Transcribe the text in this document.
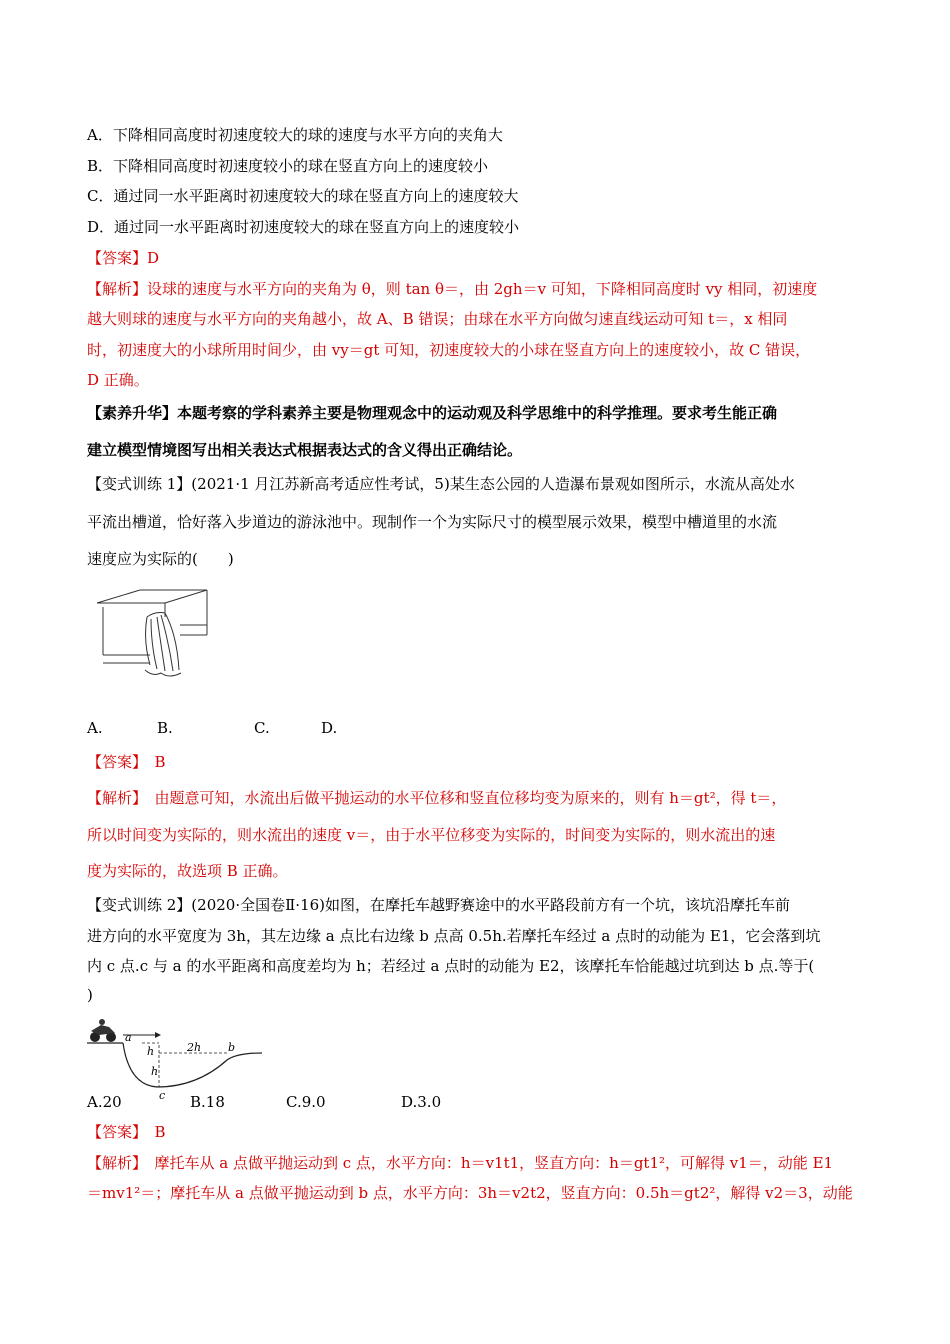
A．下降相同高度时初速度较大的球的速度与水平方向的夹角大
B．下降相同高度时初速度较小的球在竖直方向上的速度较小
C．通过同一水平距离时初速度较大的球在竖直方向上的速度较大
D．通过同一水平距离时初速度较大的球在竖直方向上的速度较小
【答案】D
【解析】设球的速度与水平方向的夹角为 θ，则 tan θ＝，由 2gh＝v 可知，下降相同高度时 vy 相同，初速度
越大则球的速度与水平方向的夹角越小，故 A、B 错误；由球在水平方向做匀速直线运动可知 t＝，x 相同
时，初速度大的小球所用时间少，由 vy＝gt 可知，初速度较大的小球在竖直方向上的速度较小，故 C 错误，
D 正确。
【素养升华】本题考察的学科素养主要是物理观念中的运动观及科学思维中的科学推理。要求考生能正确
建立模型情境图写出相关表达式根据表达式的含义得出正确结论。
【变式训练 1】(2021·1 月江苏新高考适应性考试，5)某生态公园的人造瀑布景观如图所示，水流从高处水
平流出槽道，恰好落入步道边的游泳池中。现制作一个为实际尺寸的模型展示效果，模型中槽道里的水流
速度应为实际的(　　)
A.	B.	C.	D.
【答案】　B
【解析】　由题意可知，水流出后做平抛运动的水平位移和竖直位移均变为原来的，则有 h＝gt²，得 t＝，
所以时间变为实际的，则水流出的速度 v＝，由于水平位移变为实际的，时间变为实际的，则水流出的速
度为实际的，故选项 B 正确。
【变式训练 2】(2020·全国卷Ⅱ·16)如图，在摩托车越野赛途中的水平路段前方有一个坑，该坑沿摩托车前
进方向的水平宽度为 3h，其左边缘 a 点比右边缘 b 点高 0.5h.若摩托车经过 a 点时的动能为 E1，它会落到坑
内 c 点.c 与 a 的水平距离和高度差均为 h；若经过 a 点时的动能为 E2，该摩托车恰能越过坑到达 b 点.等于(
)
a
b
c
h
h
2h
A.20	B.18	C.9.0	D.3.0
【答案】　B
【解析】　摩托车从 a 点做平抛运动到 c 点，水平方向：h＝v1t1，竖直方向：h＝gt1²，可解得 v1＝，动能 E1
＝mv1²＝；摩托车从 a 点做平抛运动到 b 点，水平方向：3h＝v2t2，竖直方向：0.5h＝gt2²，解得 v2＝3，动能
